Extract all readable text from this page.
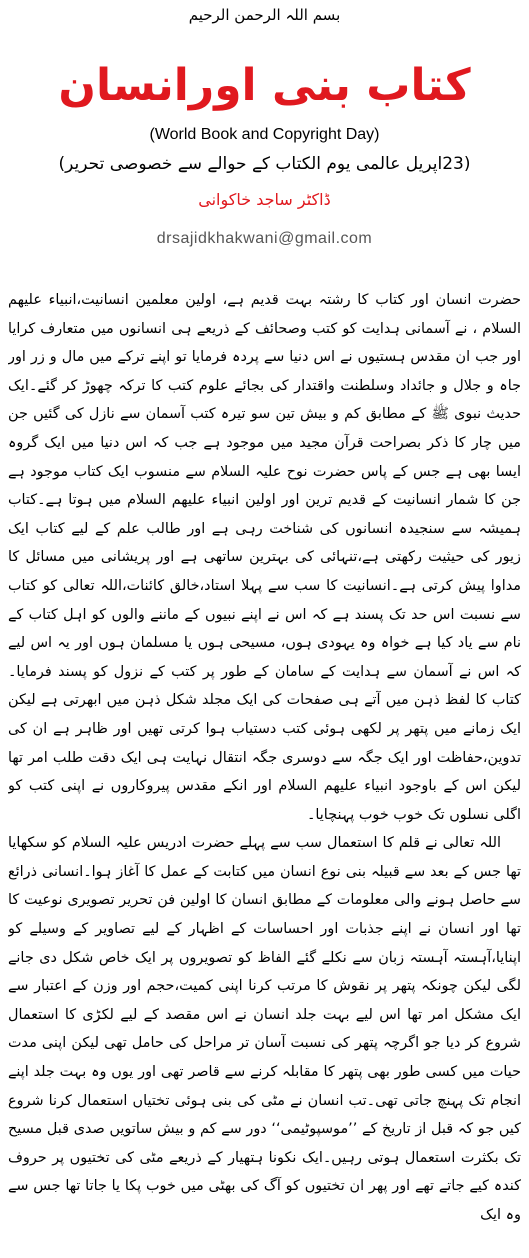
بسم اللہ الرحمن الرحیم

کتاب بنی اورانسان

(World Book and Copyright Day)

(23اپریل عالمی یوم الکتاب کے حوالے سے خصوصی تحریر)

ڈاکٹر ساجد خاکوانی

drsajidkhakwani@gmail.com

حضرت انسان اور کتاب کا رشتہ بہت قدیم ہے، اولین معلمین انسانیت،انبیاء علیھم السلام ، نے آسمانی ہدایت کو کتب وصحائف کے ذریعے ہی انسانوں میں متعارف کرایا اور جب ان مقدس ہستیوں نے اس دنیا سے پردہ فرمایا تو اپنے ترکے میں مال و زر اور جاہ و جلال و جائداد وسلطنت واقتدار کی بجائے علوم کتب کا ترکہ چھوڑ کر گئے۔ایک حدیث نبوی ﷺ کے مطابق کم و بیش تین سو تیرہ کتب آسمان سے نازل کی گئیں جن میں چار کا ذکر بصراحت قرآن مجید میں موجود ہے جب کہ اس دنیا میں ایک گروہ ایسا بھی ہے جس کے پاس حضرت نوح علیہ السلام سے منسوب ایک کتاب موجود ہے جن کا شمار انسانیت کے قدیم ترین اور اولین انبیاء علیھم السلام میں ہوتا ہے۔کتاب ہمیشہ سے سنجیدہ انسانوں کی شناخت رہی ہے اور طالب علم کے لیے کتاب ایک زیور کی حیثیت رکھتی ہے،تنہائی کی بہترین ساتھی ہے اور پریشانی میں مسائل کا مداوا پیش کرتی ہے۔انسانیت کا سب سے پہلا استاد،خالق کائنات،اللہ تعالی کو کتاب سے نسبت اس حد تک پسند ہے کہ اس نے اپنے نبیوں کے ماننے والوں کو اہل کتاب کے نام سے یاد کیا ہے خواہ وہ یہودی ہوں، مسیحی ہوں یا مسلمان ہوں اور یہ اس لیے کہ اس نے آسمان سے ہدایت کے سامان کے طور پر کتب کے نزول کو پسند فرمایا۔کتاب کا لفظ ذہن میں آتے ہی صفحات کی ایک مجلد شکل ذہن میں ابھرتی ہے لیکن ایک زمانے میں پتھر پر لکھی ہوئی کتب دستیاب ہوا کرتی تھیں اور ظاہر ہے ان کی تدوین،حفاظت اور ایک جگہ سے دوسری جگہ انتقال نہایت ہی ایک دقت طلب امر تھا لیکن اس کے باوجود انبیاء علیھم السلام اور انکے مقدس پیروکاروں نے اپنی کتب کو اگلی نسلوں تک خوب خوب پہنچایا۔

اللہ تعالی نے قلم کا استعمال سب سے پہلے حضرت ادریس علیہ السلام کو سکھایا تھا جس کے بعد سے قبیلہ بنی نوع انسان میں کتابت کے عمل کا آغاز ہوا۔انسانی ذرائع سے حاصل ہونے والی معلومات کے مطابق انسان کا اولین فن تحریر تصویری نوعیت کا تھا اور انسان نے اپنے جذبات اور احساسات کے اظہار کے لیے تصاویر کے وسیلے کو اپنایا،آہستہ آہستہ زبان سے نکلے گئے الفاظ کو تصویروں پر ایک خاص شکل دی جانے لگی لیکن چونکہ پتھر پر نقوش کا مرتب کرنا اپنی کمیت،حجم اور وزن کے اعتبار سے ایک مشکل امر تھا اس لیے بہت جلد انسان نے اس مقصد کے لیے لکڑی کا استعمال شروع کر دیا جو اگرچہ پتھر کی نسبت آسان تر مراحل کی حامل تھی لیکن اپنی مدت حیات میں کسی طور بھی پتھر کا مقابلہ کرنے سے قاصر تھی اور یوں وہ بہت جلد اپنے انجام تک پہنچ جاتی تھی۔تب انسان نے مٹی کی بنی ہوئی تختیاں استعمال کرنا شروع کیں جو کہ قبل از تاریخ کے ’’موسپوٹیمی‘‘ دور سے کم و بیش ساتویں صدی قبل مسیح تک بکثرت استعمال ہوتی رہیں۔ایک نکونا ہتھیار کے ذریعے مٹی کی تختیوں پر حروف کندہ کیے جاتے تھے اور پھر ان تختیوں کو آگ کی بھٹی میں خوب پکا یا جاتا تھا جس سے وہ ایک
